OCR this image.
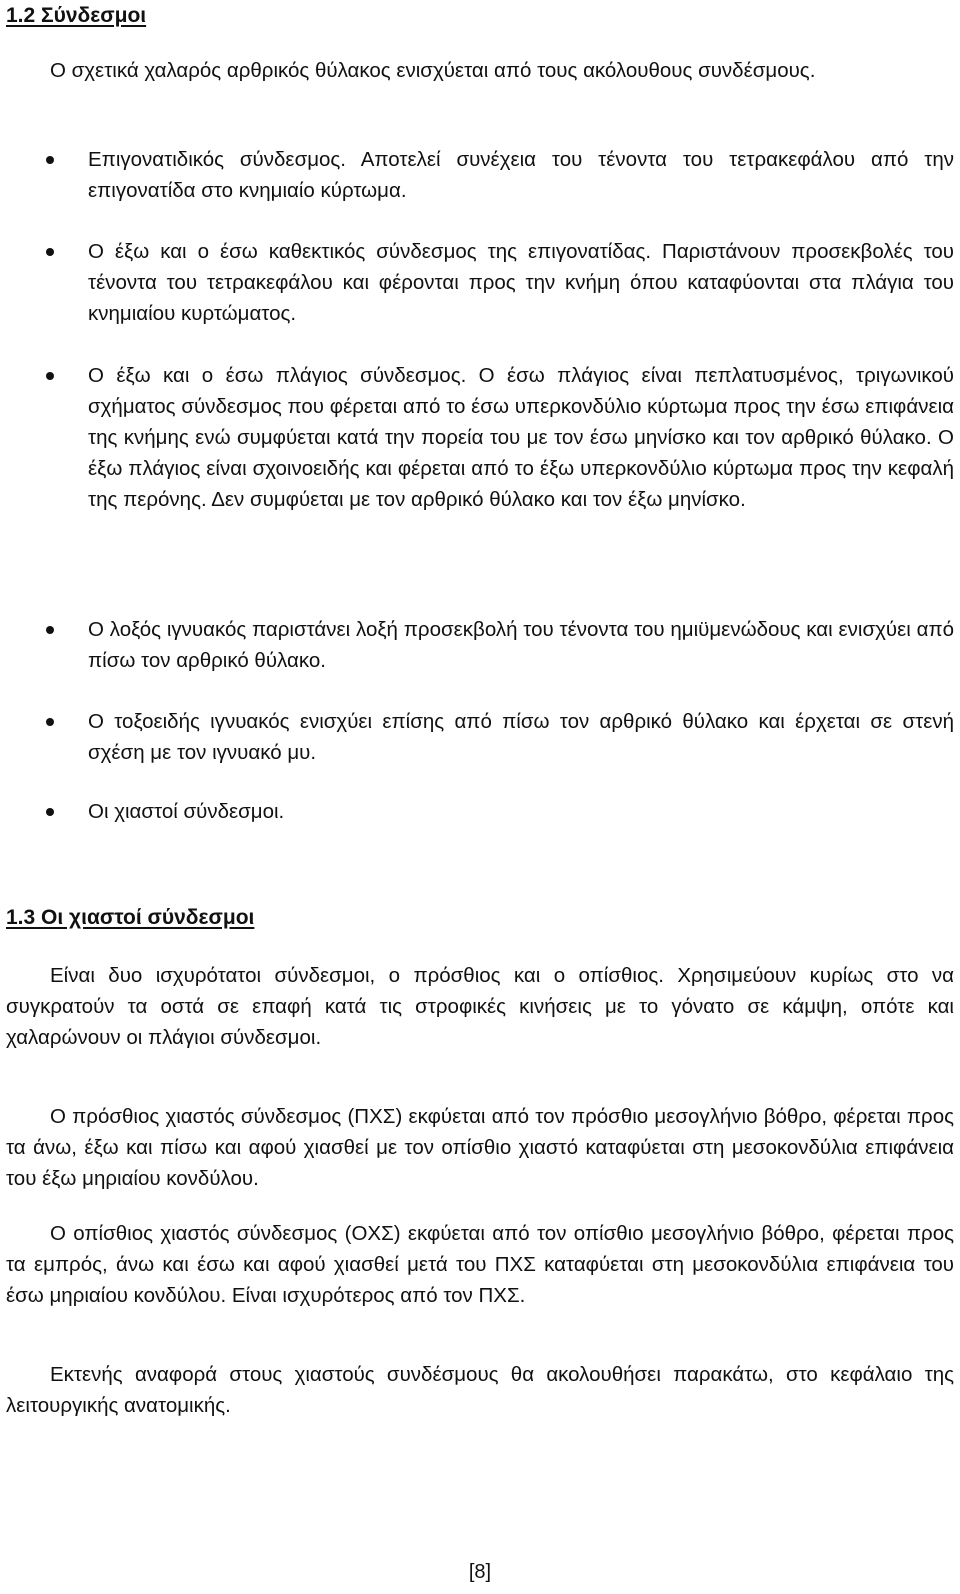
1.2 Σύνδεσμοι

Ο σχετικά χαλαρός αρθρικός θύλακος ενισχύεται από τους ακόλουθους συνδέσμους.

Επιγονατιδικός σύνδεσμος. Αποτελεί συνέχεια του τένοντα του τετρακεφάλου από την επιγονατίδα στο κνημιαίο κύρτωμα.

Ο έξω και ο έσω καθεκτικός σύνδεσμος της επιγονατίδας. Παριστάνουν προσεκβολές του τένοντα του τετρακεφάλου και φέρονται προς την κνήμη όπου καταφύονται στα πλάγια του κνημιαίου κυρτώματος.

Ο έξω και ο έσω πλάγιος σύνδεσμος. Ο έσω πλάγιος είναι πεπλατυσμένος, τριγωνικού σχήματος σύνδεσμος που φέρεται από το έσω υπερκονδύλιο κύρτωμα προς την έσω επιφάνεια της κνήμης ενώ συμφύεται κατά την πορεία του με τον έσω μηνίσκο και τον αρθρικό θύλακο. Ο έξω πλάγιος είναι σχοινοειδής και φέρεται από το έξω υπερκονδύλιο κύρτωμα προς την κεφαλή της περόνης. Δεν συμφύεται με τον αρθρικό θύλακο και τον έξω μηνίσκο.

Ο λοξός ιγνυακός παριστάνει λοξή προσεκβολή του τένοντα του ημιϋμενώδους και ενισχύει από πίσω τον αρθρικό θύλακο.

Ο τοξοειδής ιγνυακός ενισχύει επίσης από πίσω τον αρθρικό θύλακο και έρχεται σε στενή σχέση με τον ιγνυακό μυ.

Οι χιαστοί σύνδεσμοι.

1.3 Οι χιαστοί σύνδεσμοι

Είναι δυο ισχυρότατοι σύνδεσμοι, ο πρόσθιος και ο οπίσθιος. Χρησιμεύουν κυρίως στο να συγκρατούν τα οστά σε επαφή κατά τις στροφικές κινήσεις με το γόνατο σε κάμψη, οπότε και χαλαρώνουν οι πλάγιοι σύνδεσμοι.

Ο πρόσθιος χιαστός σύνδεσμος (ΠΧΣ) εκφύεται από τον πρόσθιο μεσογλήνιο βόθρο, φέρεται προς τα άνω, έξω και πίσω και αφού χιασθεί με τον οπίσθιο χιαστό καταφύεται στη μεσοκονδύλια επιφάνεια του έξω μηριαίου κονδύλου.

Ο οπίσθιος χιαστός σύνδεσμος (ΟΧΣ) εκφύεται από τον οπίσθιο μεσογλήνιο βόθρο, φέρεται προς τα εμπρός, άνω και έσω και αφού χιασθεί μετά του ΠΧΣ καταφύεται στη μεσοκονδύλια επιφάνεια του έσω μηριαίου κονδύλου. Είναι ισχυρότερος από τον ΠΧΣ.

Εκτενής αναφορά στους χιαστούς συνδέσμους θα ακολουθήσει παρακάτω, στο κεφάλαιο της λειτουργικής ανατομικής.

[8]
